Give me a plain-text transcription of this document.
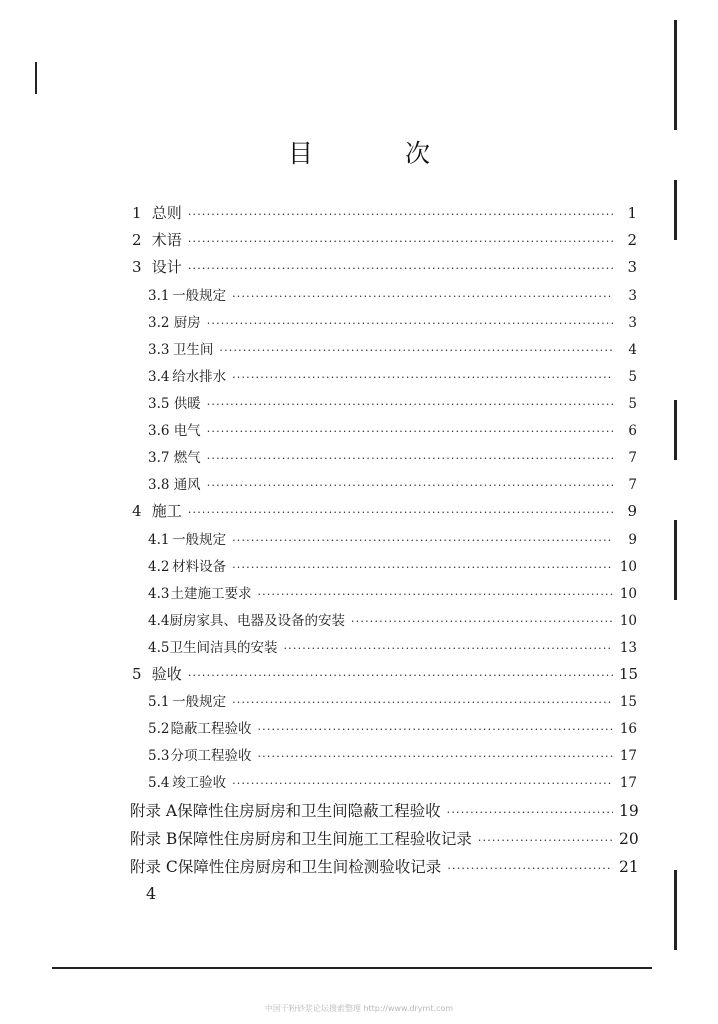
目 次
1 总则 ·····	1
2 术语 ·····	2
3 设计 ·····	3
3.1 一般规定 ·····	3
3.2 厨房 ·····	3
3.3 卫生间 ·····	4
3.4 给水排水 ·····	5
3.5 供暖 ·····	5
3.6 电气 ·····	6
3.7 燃气 ·····	7
3.8 通风 ·····	7
4 施工 ·····	9
4.1 一般规定 ·····	9
4.2 材料设备 ·····	10
4.3 土建施工要求 ·····	10
4.4 厨房家具、电器及设备的安装 ·····	10
4.5 卫生间洁具的安装 ·····	13
5 验收 ·····	15
5.1 一般规定 ·····	15
5.2 隐蔽工程验收 ·····	16
5.3 分项工程验收 ·····	17
5.4 竣工验收 ·····	17
附录 A 保障性住房厨房和卫生间隐蔽工程验收 ·····	19
附录 B 保障性住房厨房和卫生间施工工程验收记录 ·····	20
附录 C 保障性住房厨房和卫生间检测验收记录 ·····	21
4
中国干粉砂浆论坛搜索整理 http://www.drymt.com
